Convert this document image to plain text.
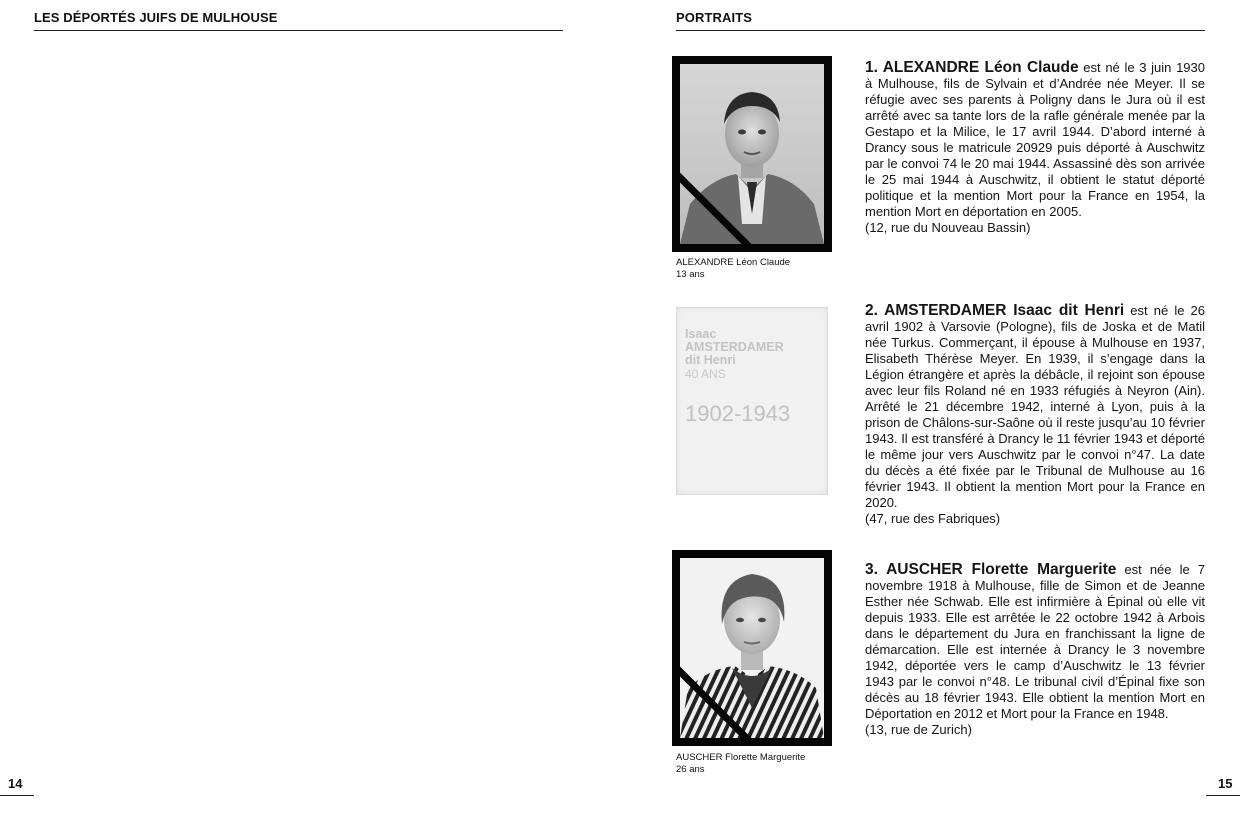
LES DÉPORTÉS JUIFS DE MULHOUSE
14
PORTRAITS
ALEXANDRE Léon Claude
13 ans
1. ALEXANDRE Léon Claude est né le 3 juin 1930 à Mulhouse, fils de Sylvain et d’Andrée née Meyer. Il se réfugie avec ses parents à Poligny dans le Jura où il est arrêté avec sa tante lors de la rafle générale menée par la Gestapo et la Milice, le 17 avril 1944. D’abord interné à Drancy sous le matricule 20929 puis déporté à Auschwitz par le convoi 74 le 20 mai 1944. Assassiné dès son arrivée le 25 mai 1944 à Auschwitz, il obtient le statut déporté politique et la mention Mort pour la France en 1954, la mention Mort en déportation en 2005.
(12, rue du Nouveau Bassin)
Isaac
AMSTERDAMER
dit Henri
40 ANS
1902-1943
2. AMSTERDAMER Isaac dit Henri est né le 26 avril 1902 à Varsovie (Pologne), fils de Joska et de Matil née Turkus. Commerçant, il épouse à Mulhouse en 1937, Elisabeth Thérèse Meyer. En 1939, il s’engage dans la Légion étrangère et après la débâcle, il rejoint son épouse avec leur fils Roland né en 1933 réfugiés à Neyron (Ain). Arrêté le 21 décembre 1942, interné à Lyon, puis à la prison de Châlons-sur-Saône où il reste jusqu’au 10 février 1943. Il est transféré à Drancy le 11 février 1943 et déporté le même jour vers Auschwitz par le convoi n°47. La date du décès a été fixée par le Tribunal de Mulhouse au 16 février 1943. Il obtient la mention Mort pour la France en 2020.
(47, rue des Fabriques)
AUSCHER Florette Marguerite
26 ans
3. AUSCHER Florette Marguerite est née le 7 novembre 1918 à Mulhouse, fille de Simon et de Jeanne Esther née Schwab. Elle est infirmière à Épinal où elle vit depuis 1933. Elle est arrêtée le 22 octobre 1942 à Arbois dans le département du Jura en franchissant la ligne de démarcation. Elle est internée à Drancy le 3 novembre 1942, déportée vers le camp d’Auschwitz le 13 février 1943 par le convoi n°48. Le tribunal civil d’Épinal fixe son décès au 18 février 1943. Elle obtient la mention Mort en Déportation en 2012 et Mort pour la France en 1948.
(13, rue de Zurich)
15
